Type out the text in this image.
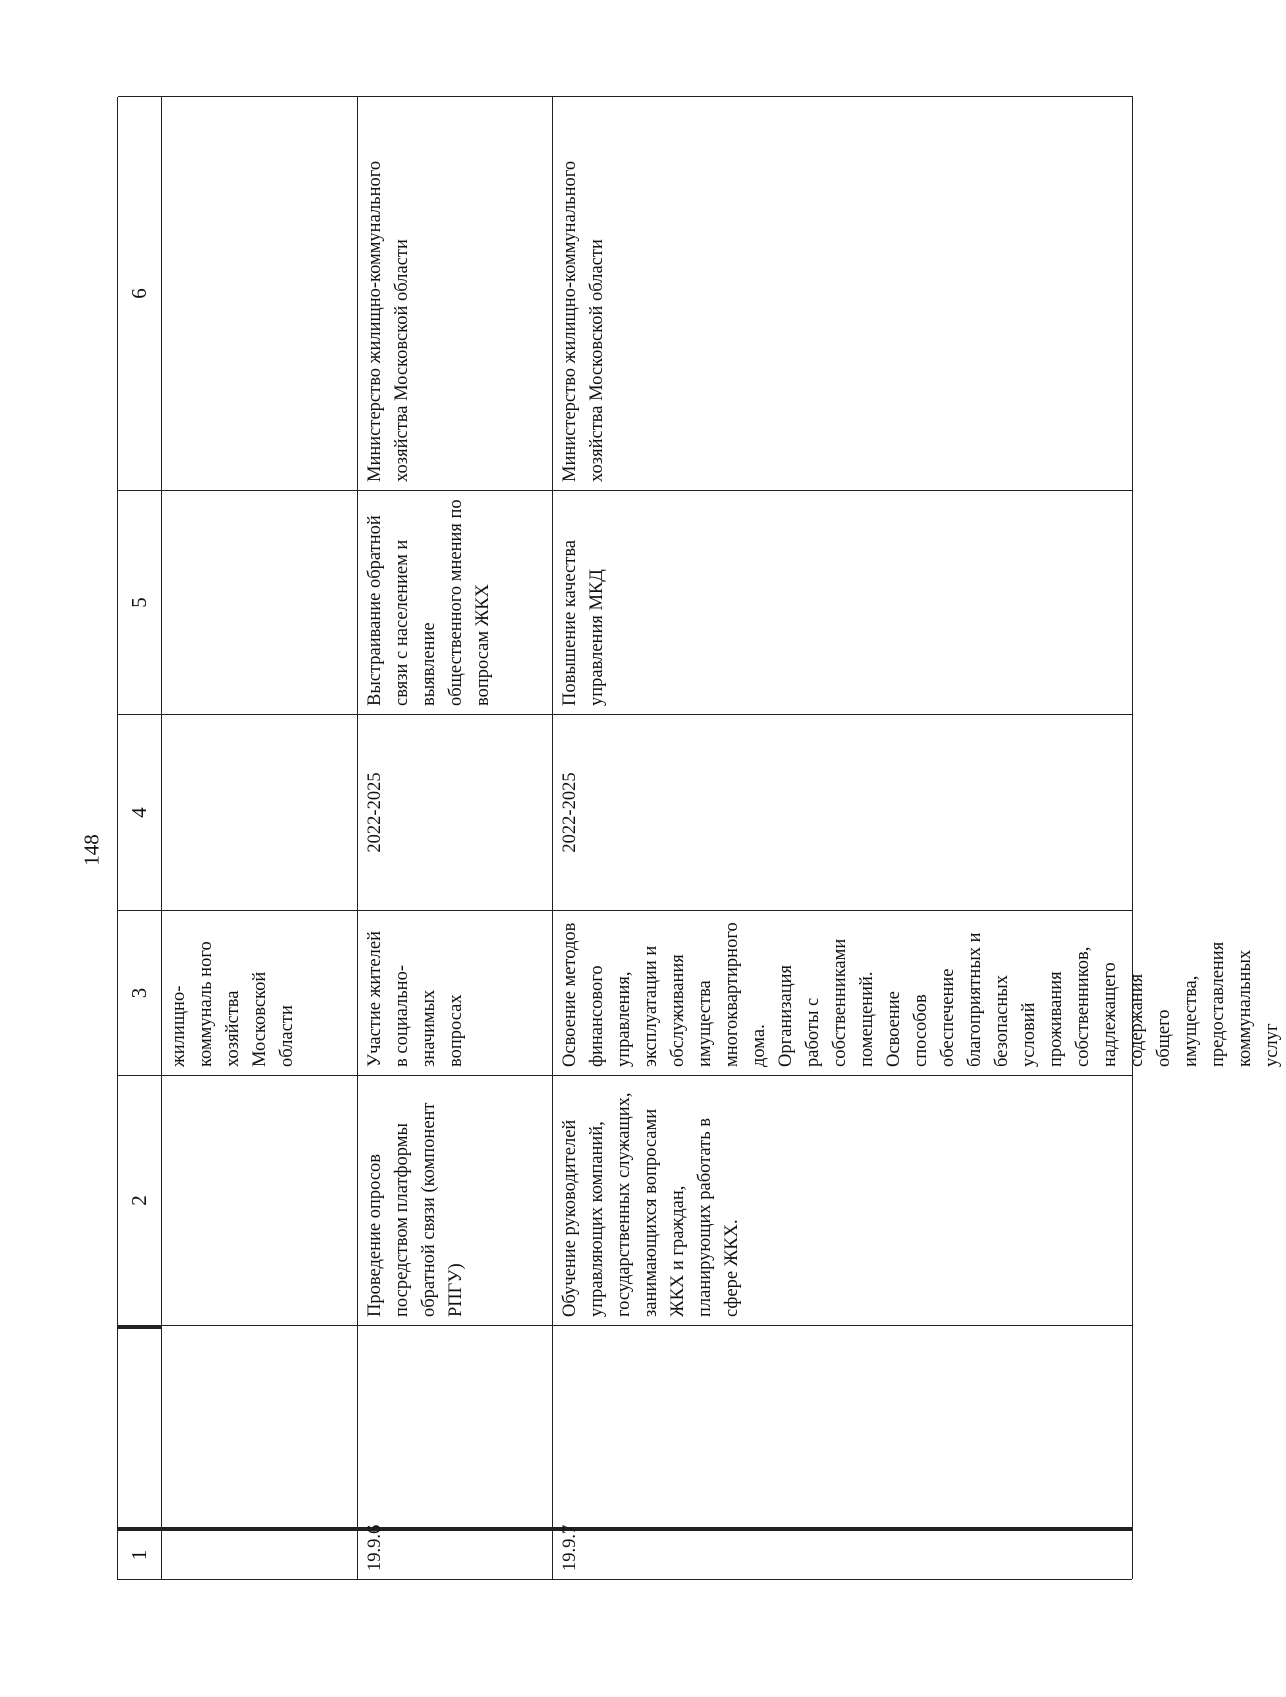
148
1
2
3
4
5
6
жилищно-коммуналь ного хозяйства Московской области
19.9.6
Проведение опросов посредством платформы обратной связи (компонент РПГУ)
Участие жителей в социально-значимых вопросах
2022-2025
Выстраивание обратной связи с населением и выявление общественного мнения по вопросам ЖКХ
Министерство жилищно-коммунального хозяйства Московской области
19.9.7
Обучение руководителей управляющих компаний, государственных служащих, занимающихся вопросами ЖКХ и граждан, планирующих работать в сфере ЖКХ.
Освоение методов финансового управления, эксплуатации и обслуживания имущества многоквартирного дома. Организация работы с собственниками помещений. Освоение способов обеспечение благоприятных и безопасных условий проживания собственников, надлежащего содержания общего имущества, предоставления коммунальных услуг
2022-2025
Повышение качества управления МКД
Министерство жилищно-коммунального хозяйства Московской области
